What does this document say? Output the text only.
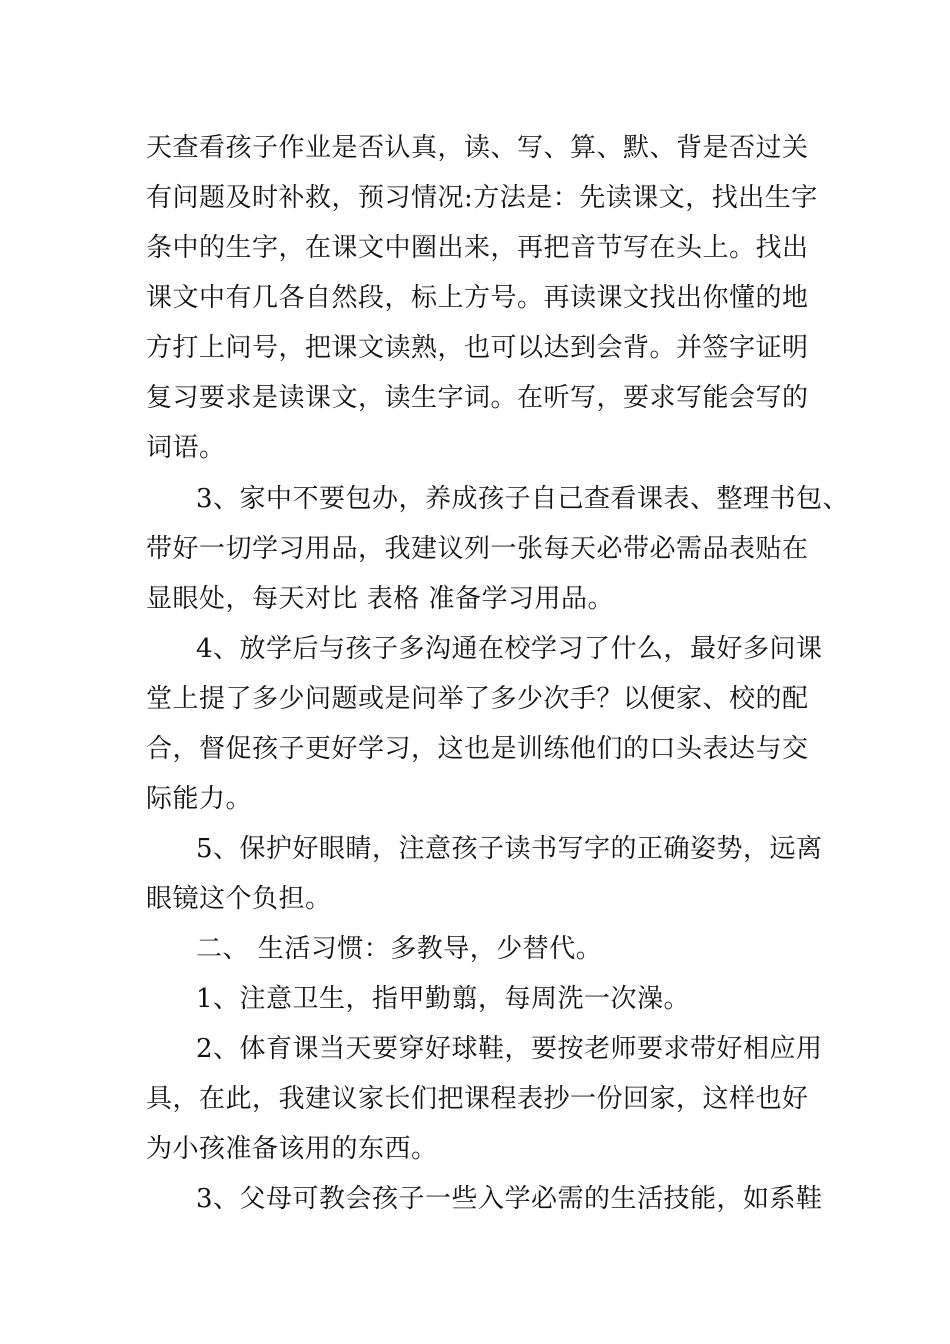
天查看孩子作业是否认真，读、写、算、默、背是否过关
有问题及时补救，预习情况:方法是：先读课文，找出生字
条中的生字，在课文中圈出来，再把音节写在头上。找出
课文中有几各自然段，标上方号。再读课文找出你懂的地
方打上问号，把课文读熟，也可以达到会背。并签字证明
复习要求是读课文，读生字词。在听写，要求写能会写的
词语。
3、家中不要包办，养成孩子自己查看课表、整理书包、
带好一切学习用品，我建议列一张每天必带必需品表贴在
显眼处，每天对比 表格 准备学习用品。
4、放学后与孩子多沟通在校学习了什么，最好多问课
堂上提了多少问题或是问举了多少次手？以便家、校的配
合，督促孩子更好学习，这也是训练他们的口头表达与交
际能力。
5、保护好眼睛，注意孩子读书写字的正确姿势，远离
眼镜这个负担。
二、 生活习惯：多教导，少替代。
1、注意卫生，指甲勤翦，每周洗一次澡。
2、体育课当天要穿好球鞋，要按老师要求带好相应用
具，在此，我建议家长们把课程表抄一份回家，这样也好
为小孩准备该用的东西。
3、父母可教会孩子一些入学必需的生活技能，如系鞋
